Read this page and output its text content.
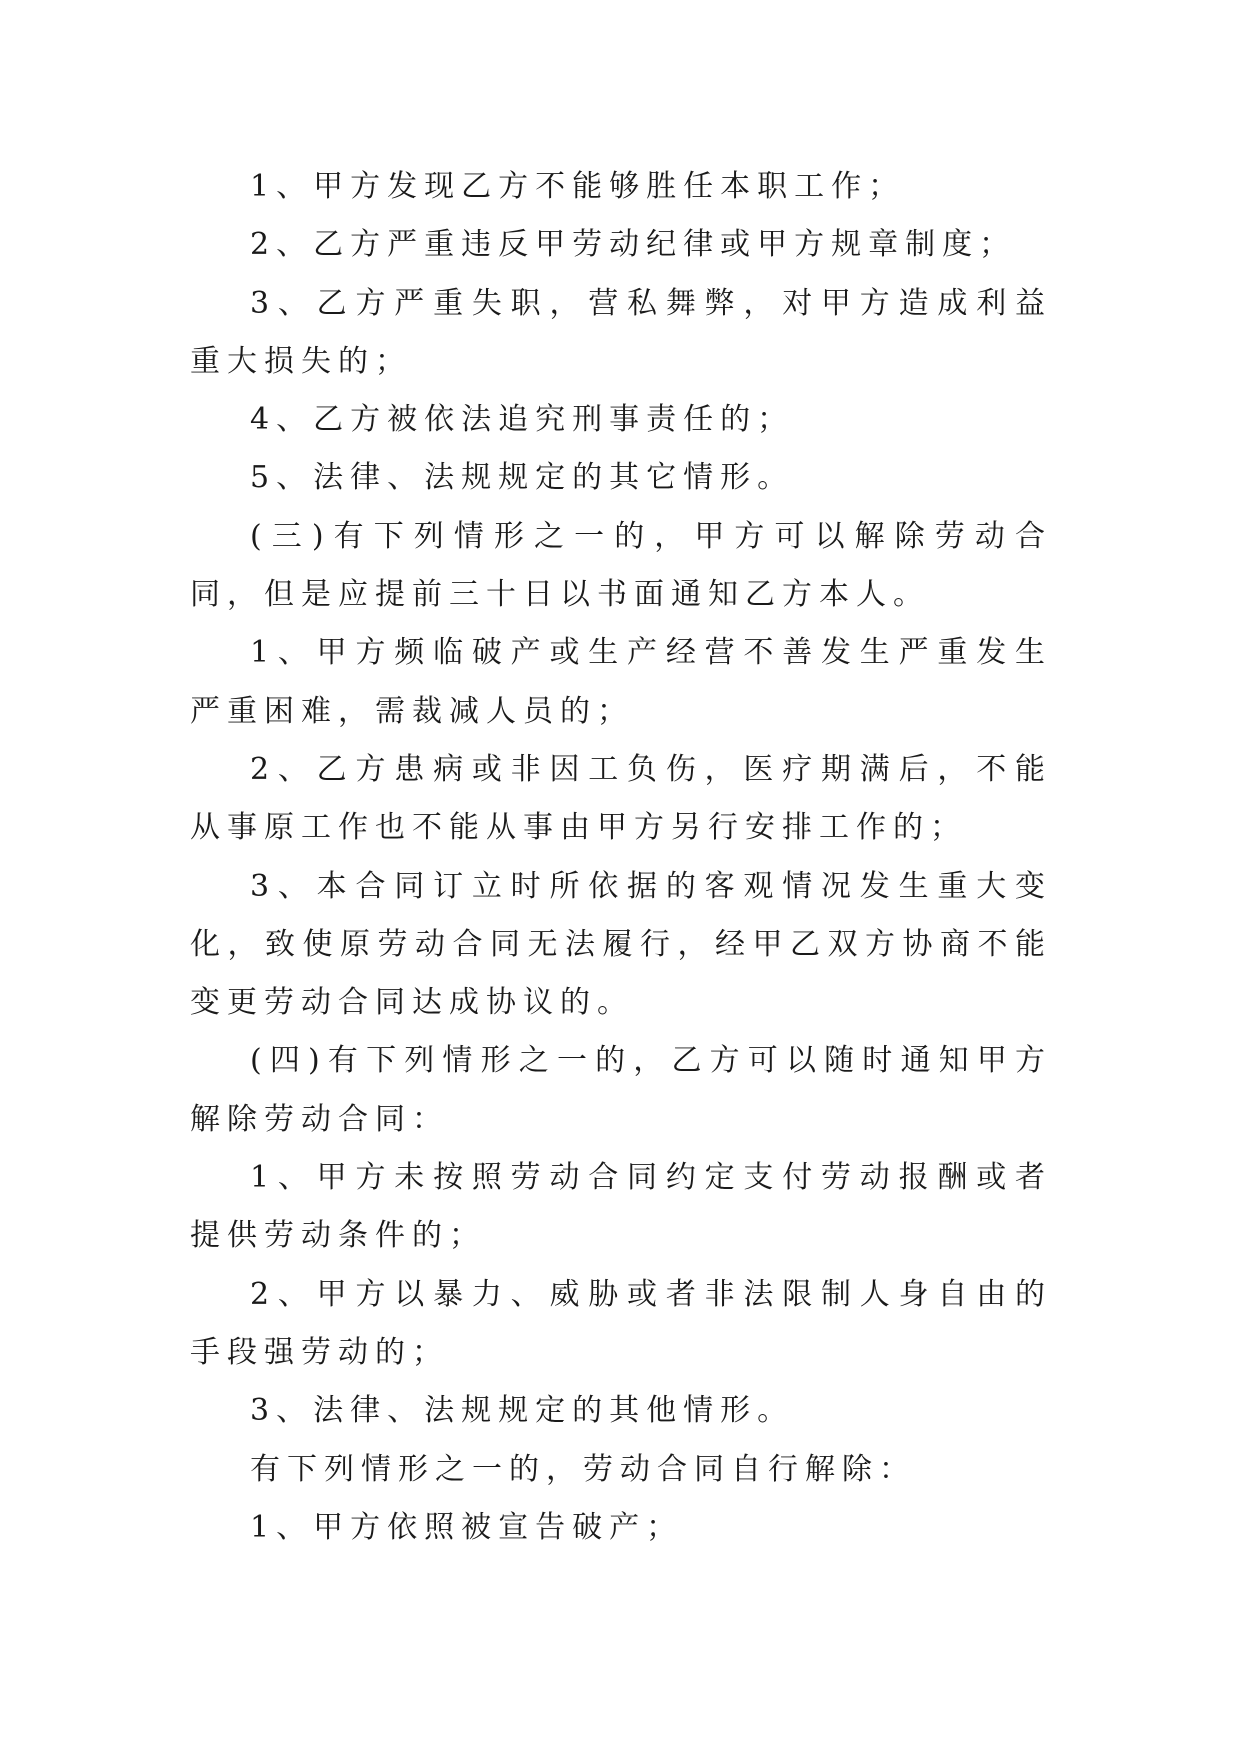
1、甲方发现乙方不能够胜任本职工作；

2、乙方严重违反甲劳动纪律或甲方规章制度；

3、乙方严重失职，营私舞弊，对甲方造成利益重大损失的；

4、乙方被依法追究刑事责任的；

5、法律、法规规定的其它情形。

(三)有下列情形之一的，甲方可以解除劳动合同，但是应提前三十日以书面通知乙方本人。

1、甲方频临破产或生产经营不善发生严重发生严重困难，需裁减人员的；

2、乙方患病或非因工负伤，医疗期满后，不能从事原工作也不能从事由甲方另行安排工作的；

3、本合同订立时所依据的客观情况发生重大变化，致使原劳动合同无法履行，经甲乙双方协商不能变更劳动合同达成协议的。

(四)有下列情形之一的，乙方可以随时通知甲方解除劳动合同：

1、甲方未按照劳动合同约定支付劳动报酬或者提供劳动条件的；

2、甲方以暴力、威胁或者非法限制人身自由的手段强劳动的；

3、法律、法规规定的其他情形。

有下列情形之一的，劳动合同自行解除：

1、甲方依照被宣告破产；
